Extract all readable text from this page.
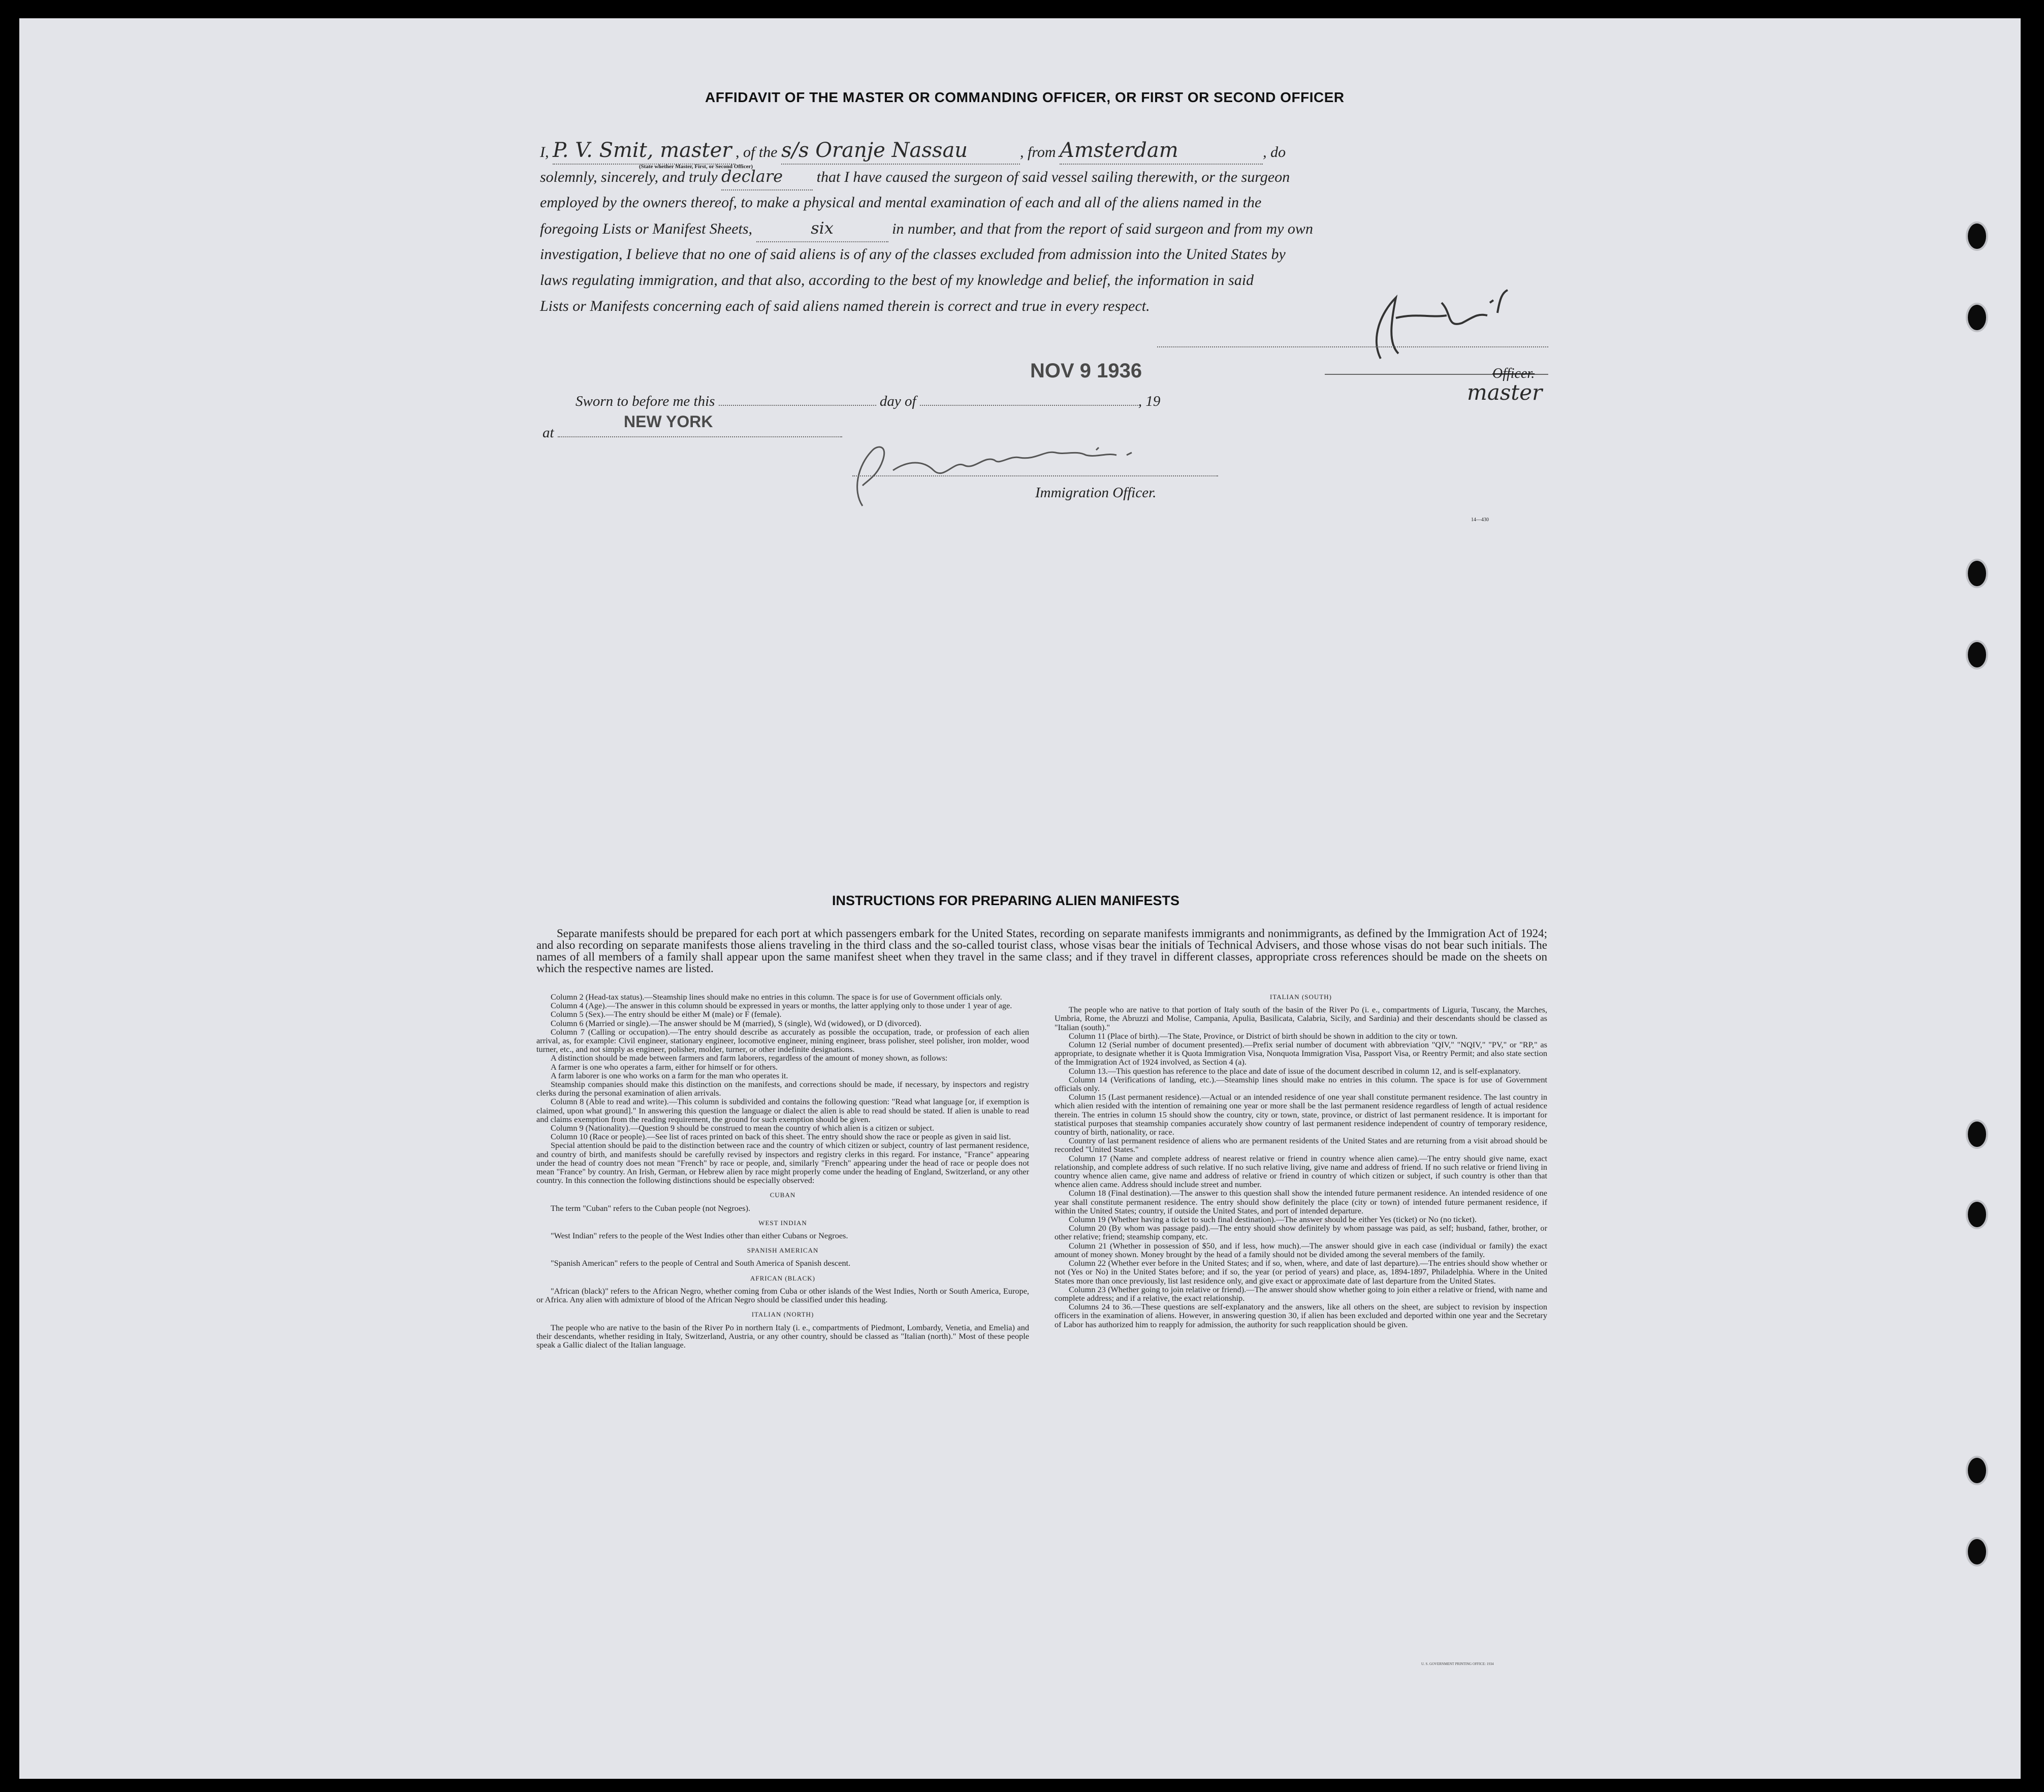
AFFIDAVIT OF THE MASTER OR COMMANDING OFFICER, OR FIRST OR SECOND OFFICER
I, P. V. Smit, master , of the s/s Oranje Nassau	, from Amsterdam	, do
solemnly, sincerely, and truly declare that I have caused the surgeon of said vessel sailing therewith, or the surgeon
employed by the owners thereof, to make a physical and mental examination of each and all of the aliens named in the
foregoing Lists or Manifest Sheets,	six	in number, and that from the report of said surgeon and from my own
investigation, I believe that no one of said aliens is of any of the classes excluded from admission into the United States by
laws regulating immigration, and that also, according to the best of my knowledge and belief, the information in said
Lists or Manifests concerning each of said aliens named therein is correct and true in every respect.
(State whether Master, First, or Second Officer)
NOV 9 1936	Officer.
master
Sworn to before me this	day of	, 19
at
NEW YORK
Immigration Officer.
14—430
INSTRUCTIONS FOR PREPARING ALIEN MANIFESTS
Separate manifests should be prepared for each port at which passengers embark for the United States, recording on separate manifests immigrants and nonimmigrants, as defined by the Immigration Act of 1924; and also recording on separate manifests those aliens traveling in the third class and the so-called tourist class, whose visas bear the initials of Technical Advisers, and those whose visas do not bear such initials. The names of all members of a family shall appear upon the same manifest sheet when they travel in the same class; and if they travel in different classes, appropriate cross references should be made on the sheets on which the respective names are listed.

Column 2 (Head-tax status).—Steamship lines should make no entries in this column. The space is for use of Government officials only.

Column 4 (Age).—The answer in this column should be expressed in years or months, the latter applying only to those under 1 year of age.

Column 5 (Sex).—The entry should be either M (male) or F (female).

Column 6 (Married or single).—The answer should be M (married), S (single), Wd (widowed), or D (divorced).

Column 7 (Calling or occupation).—The entry should describe as accurately as possible the occupation, trade, or profession of each alien arrival, as, for example: Civil engineer, stationary engineer, locomotive engineer, mining engineer, brass polisher, steel polisher, iron molder, wood turner, etc., and not simply as engineer, polisher, molder, turner, or other indefinite designations.

A distinction should be made between farmers and farm laborers, regardless of the amount of money shown, as follows:

A farmer is one who operates a farm, either for himself or for others.

A farm laborer is one who works on a farm for the man who operates it.

Steamship companies should make this distinction on the manifests, and corrections should be made, if necessary, by inspectors and registry clerks during the personal examination of alien arrivals.

Column 8 (Able to read and write).—This column is subdivided and contains the following question: "Read what language [or, if exemption is claimed, upon what ground]." In answering this question the language or dialect the alien is able to read should be stated. If alien is unable to read and claims exemption from the reading requirement, the ground for such exemption should be given.

Column 9 (Nationality).—Question 9 should be construed to mean the country of which alien is a citizen or subject.

Column 10 (Race or people).—See list of races printed on back of this sheet. The entry should show the race or people as given in said list.

Special attention should be paid to the distinction between race and the country of which citizen or subject, country of last permanent residence, and country of birth, and manifests should be carefully revised by inspectors and registry clerks in this regard. For instance, "France" appearing under the head of country does not mean "French" by race or people, and, similarly "French" appearing under the head of race or people does not mean "France" by country. An Irish, German, or Hebrew alien by race might properly come under the heading of England, Switzerland, or any other country. In this connection the following distinctions should be especially observed:

CUBAN

The term "Cuban" refers to the Cuban people (not Negroes).

WEST INDIAN

"West Indian" refers to the people of the West Indies other than either Cubans or Negroes.

SPANISH AMERICAN

"Spanish American" refers to the people of Central and South America of Spanish descent.

AFRICAN (BLACK)

"African (black)" refers to the African Negro, whether coming from Cuba or other islands of the West Indies, North or South America, Europe, or Africa. Any alien with admixture of blood of the African Negro should be classified under this heading.

ITALIAN (NORTH)

The people who are native to the basin of the River Po in northern Italy (i. e., compartments of Piedmont, Lombardy, Venetia, and Emelia) and their descendants, whether residing in Italy, Switzerland, Austria, or any other country, should be classed as "Italian (north)." Most of these people speak a Gallic dialect of the Italian language.

ITALIAN (SOUTH)

The people who are native to that portion of Italy south of the basin of the River Po (i. e., compartments of Liguria, Tuscany, the Marches, Umbria, Rome, the Abruzzi and Molise, Campania, Apulia, Basilicata, Calabria, Sicily, and Sardinia) and their descendants should be classed as "Italian (south)."

Column 11 (Place of birth).—The State, Province, or District of birth should be shown in addition to the city or town.

Column 12 (Serial number of document presented).—Prefix serial number of document with abbreviation "QIV," "NQIV," "PV," or "RP," as appropriate, to designate whether it is Quota Immigration Visa, Nonquota Immigration Visa, Passport Visa, or Reentry Permit; and also state section of the Immigration Act of 1924 involved, as Section 4 (a).

Column 13.—This question has reference to the place and date of issue of the document described in column 12, and is self-explanatory.

Column 14 (Verifications of landing, etc.).—Steamship lines should make no entries in this column. The space is for use of Government officials only.

Column 15 (Last permanent residence).—Actual or an intended residence of one year shall constitute permanent residence. The last country in which alien resided with the intention of remaining one year or more shall be the last permanent residence regardless of length of actual residence therein. The entries in column 15 should show the country, city or town, state, province, or district of last permanent residence. It is important for statistical purposes that steamship companies accurately show country of last permanent residence independent of country of temporary residence, country of birth, nationality, or race.

Country of last permanent residence of aliens who are permanent residents of the United States and are returning from a visit abroad should be recorded "United States."

Column 17 (Name and complete address of nearest relative or friend in country whence alien came).—The entry should give name, exact relationship, and complete address of such relative. If no such relative living, give name and address of friend. If no such relative or friend living in country whence alien came, give name and address of relative or friend in country of which citizen or subject, if such country is other than that whence alien came. Address should include street and number.

Column 18 (Final destination).—The answer to this question shall show the intended future permanent residence. An intended residence of one year shall constitute permanent residence. The entry should show definitely the place (city or town) of intended future permanent residence, if within the United States; country, if outside the United States, and port of intended departure.

Column 19 (Whether having a ticket to such final destination).—The answer should be either Yes (ticket) or No (no ticket).

Column 20 (By whom was passage paid).—The entry should show definitely by whom passage was paid, as self; husband, father, brother, or other relative; friend; steamship company, etc.

Column 21 (Whether in possession of $50, and if less, how much).—The answer should give in each case (individual or family) the exact amount of money shown. Money brought by the head of a family should not be divided among the several members of the family.

Column 22 (Whether ever before in the United States; and if so, when, where, and date of last departure).—The entries should show whether or not (Yes or No) in the United States before; and if so, the year (or period of years) and place, as, 1894-1897, Philadelphia. Where in the United States more than once previously, list last residence only, and give exact or approximate date of last departure from the United States.

Column 23 (Whether going to join relative or friend).—The answer should show whether going to join either a relative or friend, with name and complete address; and if a relative, the exact relationship.

Columns 24 to 36.—These questions are self-explanatory and the answers, like all others on the sheet, are subject to revision by inspection officers in the examination of aliens. However, in answering question 30, if alien has been excluded and deported within one year and the Secretary of Labor has authorized him to reapply for admission, the authority for such reapplication should be given.

U. S. GOVERNMENT PRINTING OFFICE: 1934
